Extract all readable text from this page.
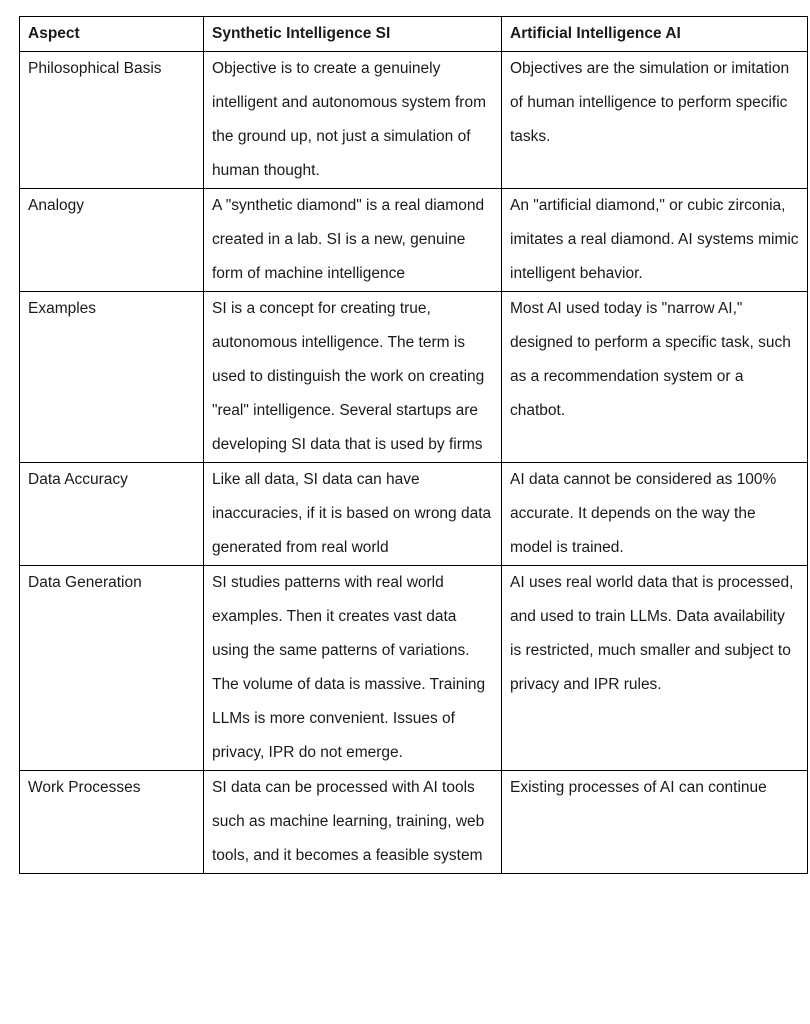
Aspect	Synthetic Intelligence SI	Artificial Intelligence AI
Philosophical Basis	Objective is to create a genuinely intelligent and autonomous system from the ground up, not just a simulation of human thought.	Objectives are the simulation or imitation of human intelligence to perform specific tasks.
Analogy	A "synthetic diamond" is a real diamond created in a lab. SI is a new, genuine form of machine intelligence	An "artificial diamond," or cubic zirconia, imitates a real diamond. AI systems mimic intelligent behavior.
Examples	SI is a concept for creating true, autonomous intelligence. The term is used to distinguish the work on creating "real" intelligence. Several startups are developing SI data that is used by firms	Most AI used today is "narrow AI," designed to perform a specific task, such as a recommendation system or a chatbot.
Data Accuracy	Like all data, SI data can have inaccuracies, if it is based on wrong data generated from real world	AI data cannot be considered as 100% accurate. It depends on the way the model is trained.
Data Generation	SI studies patterns with real world examples. Then it creates vast data using the same patterns of variations. The volume of data is massive. Training LLMs is more convenient. Issues of privacy, IPR do not emerge.	AI uses real world data that is processed, and used to train LLMs. Data availability is restricted, much smaller and subject to privacy and IPR rules.
Work Processes	SI data can be processed with AI tools such as machine learning, training, web tools, and it becomes a feasible system	Existing processes of AI can continue
